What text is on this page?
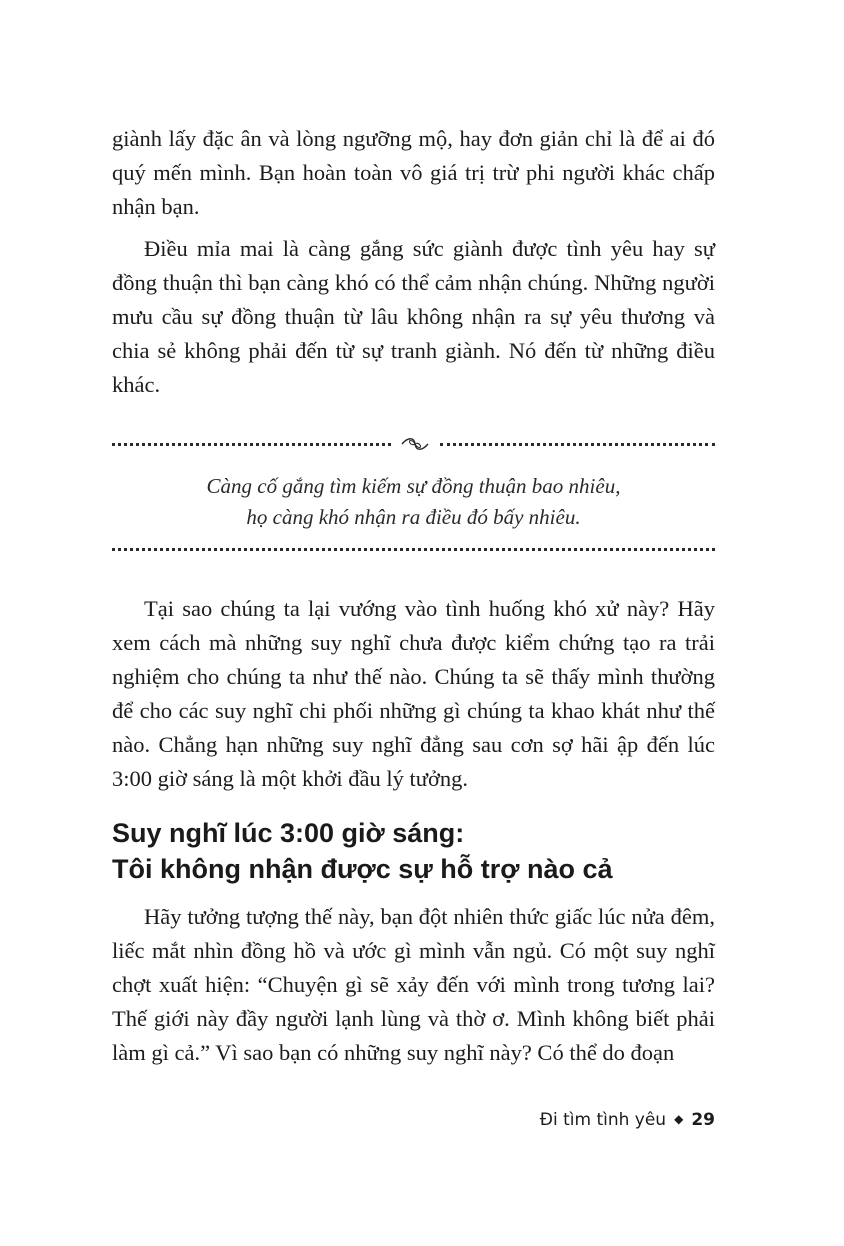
giành lấy đặc ân và lòng ngưỡng mộ, hay đơn giản chỉ là để ai đó quý mến mình. Bạn hoàn toàn vô giá trị trừ phi người khác chấp nhận bạn.

Điều mỉa mai là càng gắng sức giành được tình yêu hay sự đồng thuận thì bạn càng khó có thể cảm nhận chúng. Những người mưu cầu sự đồng thuận từ lâu không nhận ra sự yêu thương và chia sẻ không phải đến từ sự tranh giành. Nó đến từ những điều khác.

Càng cố gắng tìm kiếm sự đồng thuận bao nhiêu,
họ càng khó nhận ra điều đó bấy nhiêu.

Tại sao chúng ta lại vướng vào tình huống khó xử này? Hãy xem cách mà những suy nghĩ chưa được kiểm chứng tạo ra trải nghiệm cho chúng ta như thế nào. Chúng ta sẽ thấy mình thường để cho các suy nghĩ chi phối những gì chúng ta khao khát như thế nào. Chẳng hạn những suy nghĩ đẳng sau cơn sợ hãi ập đến lúc 3:00 giờ sáng là một khởi đầu lý tưởng.

Suy nghĩ lúc 3:00 giờ sáng:
Tôi không nhận được sự hỗ trợ nào cả

Hãy tưởng tượng thế này, bạn đột nhiên thức giấc lúc nửa đêm, liếc mắt nhìn đồng hồ và ước gì mình vẫn ngủ. Có một suy nghĩ chợt xuất hiện: “Chuyện gì sẽ xảy đến với mình trong tương lai? Thế giới này đầy người lạnh lùng và thờ ơ. Mình không biết phải làm gì cả.” Vì sao bạn có những suy nghĩ này? Có thể do đoạn

Đi tìm tình yêu ◆ 29
